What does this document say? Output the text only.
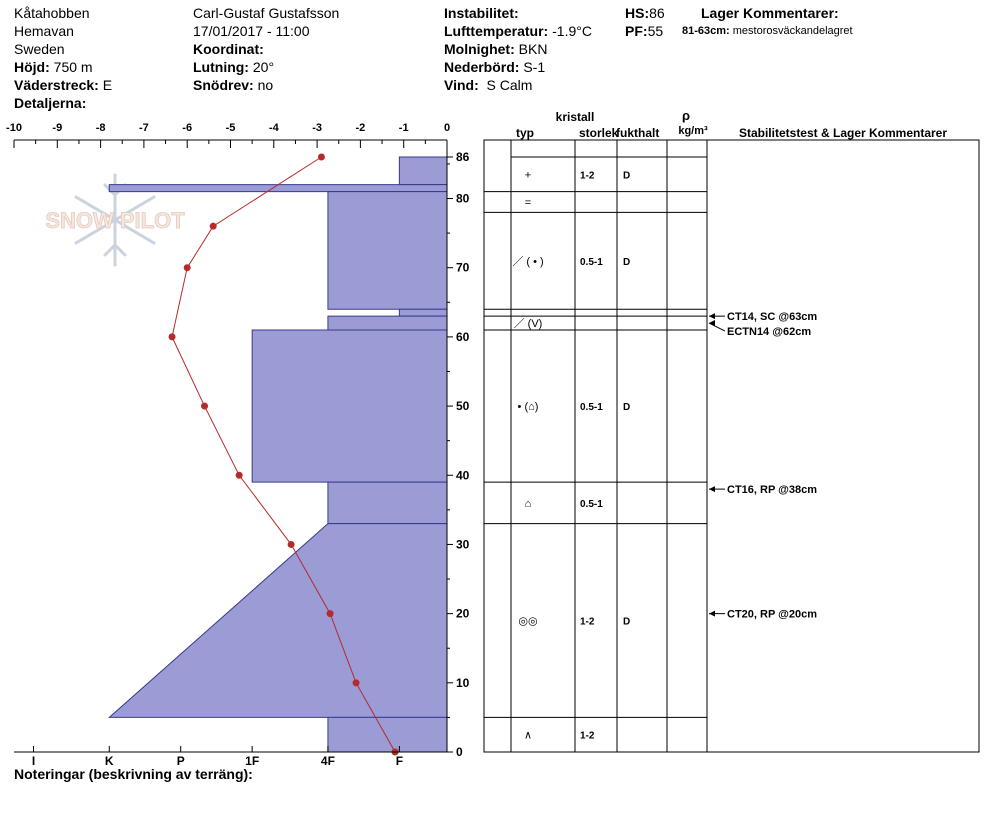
Kåtahobben
Hemavan
Sweden
Höjd: 750 m
Väderstreck: E
Detaljerna:
Carl-Gustaf Gustafsson
17/01/2017 - 11:00
Koordinat:
Lutning: 20°
Snödrev: no
Instabilitet:
Lufttemperatur: -1.9°C
Molnighet: BKN
Nederbörd: S-1
Vind: S Calm
HS:86
PF:55
Lager Kommentarer:
81-63cm: mestorosväckandelagret
SNOW PILOT
-10	-9	-8	-7	-6	-5	-4	-3	-2	-1	0
0
10
20
30
40
50
60
70
80
86
I	K	P	1F	4F	F
kristall
typ	storlek
fukthalt
ρ
kg/m³	Stabilitetstest & Lager Kommentarer
+	1-2	D
=
／ ( • )	0.5-1 D
／ (V)
• (⌂)	0.5-1 D
⌂	0.5-1
◎◎	1-2	D
∧	1-2
CT14, SC @63cm
ECTN14 @62cm
CT16, RP @38cm
CT20, RP @20cm
Noteringar (beskrivning av terräng):
